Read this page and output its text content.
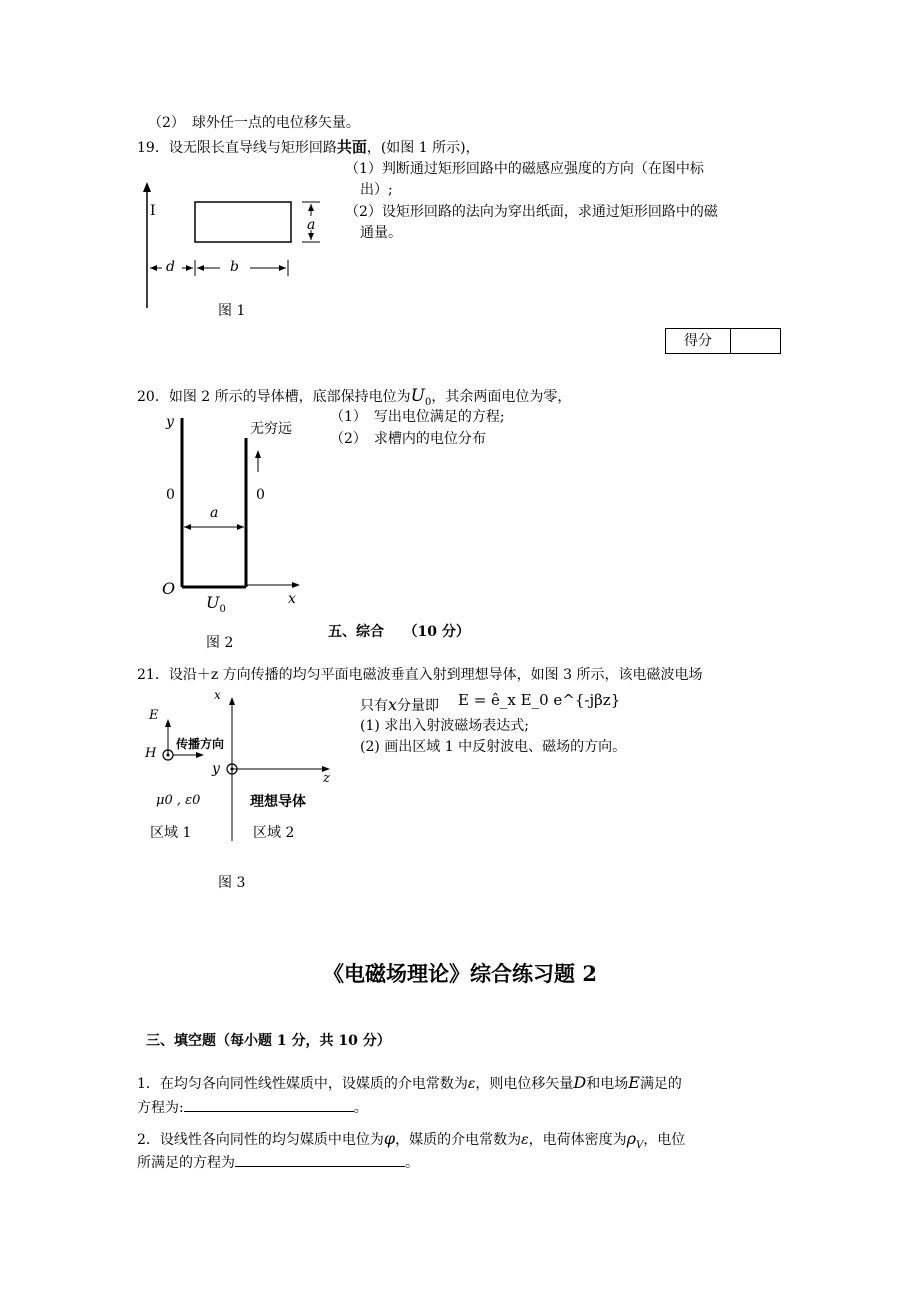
（2）　球外任一点的电位移矢量。
19．设无限长直导线与矩形回路共面，(如图 1 所示)，
（1）判断通过矩形回路中的磁感应强度的方向（在图中标
出）;
（2）设矩形回路的法向为穿出纸面，求通过矩形回路中的磁
通量。
I
a
d	b
图 1
得分
20．如图 2 所示的导体槽，底部保持电位为$U_0$，其余两面电位为零，
（1）　写出电位满足的方程;
（2）　求槽内的电位分布
y	无穷远
0	0
a
O
$U_0$
x
图 2
五、综合 （10 分）
21．设沿＋z 方向传播的均匀平面电磁波垂直入射到理想导体，如图 3 所示，该电磁波电场
只有x分量即 E = ê_x E_0 e^{-jβz}
(1) 求出入射波磁场表达式;
(2) 画出区域 1 中反射波电、磁场的方向。
x
E
传播方向
H
y
z
μ0 , ε0	理想导体
区域 1	区域 2
图 3
《电磁场理论》综合练习题 2
三、填空题（每小题 1 分，共 10 分）
1．在均匀各向同性线性媒质中，设媒质的介电常数为ε，则电位移矢量D和电场E满足的
方程为:	。
2．设线性各向同性的均匀媒质中电位为φ，媒质的介电常数为ε，电荷体密度为$\rho_V$，电位
所满足的方程为	。
